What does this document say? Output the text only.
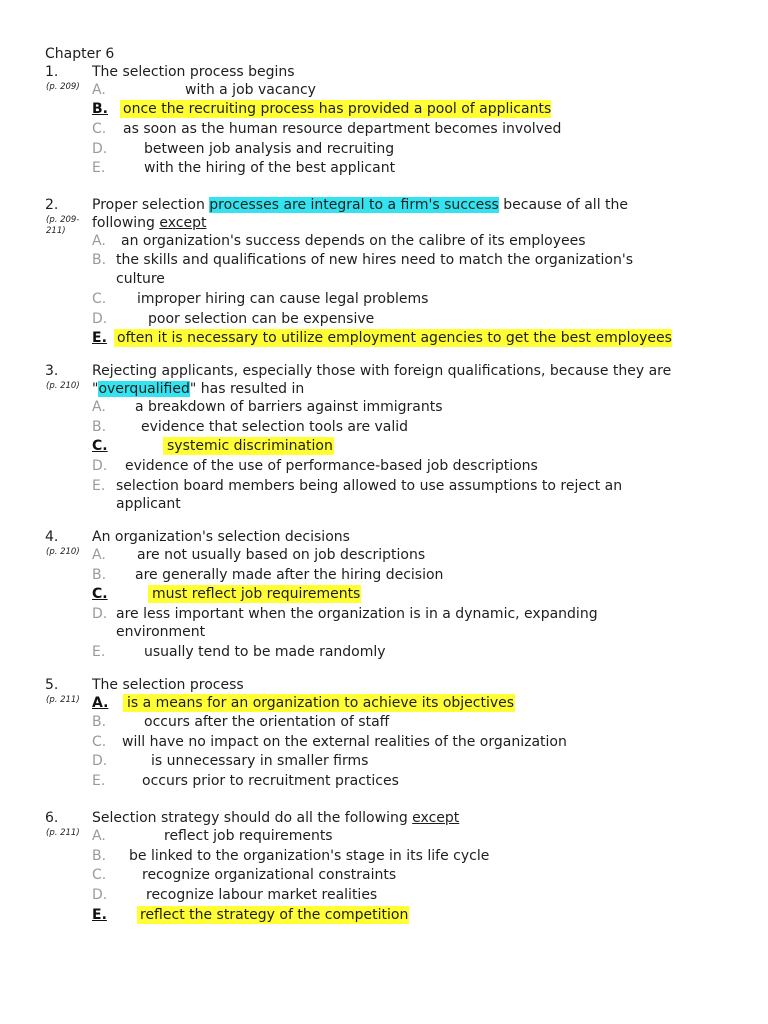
Chapter 6
1.
(p. 209)
The selection process begins
A.	with a job vacancy
B. once the recruiting process has provided a pool of applicants
C. as soon as the human resource department becomes involved
D.	between job analysis and recruiting
E.	with the hiring of the best applicant
2.
(p. 209-
211)
Proper selection processes are integral to a firm's success because of all the
following except
A. an organization's success depends on the calibre of its employees
B. the skills and qualifications of new hires need to match the organization's
culture
C. improper hiring can cause legal problems
D.	poor selection can be expensive
E. often it is necessary to utilize employment agencies to get the best employees
3.
(p. 210)
Rejecting applicants, especially those with foreign qualifications, because they are
"overqualified" has resulted in
A. a breakdown of barriers against immigrants
B. evidence that selection tools are valid
C.	systemic discrimination
D. evidence of the use of performance-based job descriptions
E. selection board members being allowed to use assumptions to reject an
applicant
4.
(p. 210)
An organization's selection decisions
A. are not usually based on job descriptions
B. are generally made after the hiring decision
C.	must reflect job requirements
D. are less important when the organization is in a dynamic, expanding
environment
E.	usually tend to be made randomly
5.
(p. 211)
The selection process
A. is a means for an organization to achieve its objectives
B.	occurs after the orientation of staff
C. will have no impact on the external realities of the organization
D.	is unnecessary in smaller firms
E.	occurs prior to recruitment practices
6.
(p. 211)
Selection strategy should do all the following except
A.	reflect job requirements
B. be linked to the organization's stage in its life cycle
C.	recognize organizational constraints
D.	recognize labour market realities
E. reflect the strategy of the competition
